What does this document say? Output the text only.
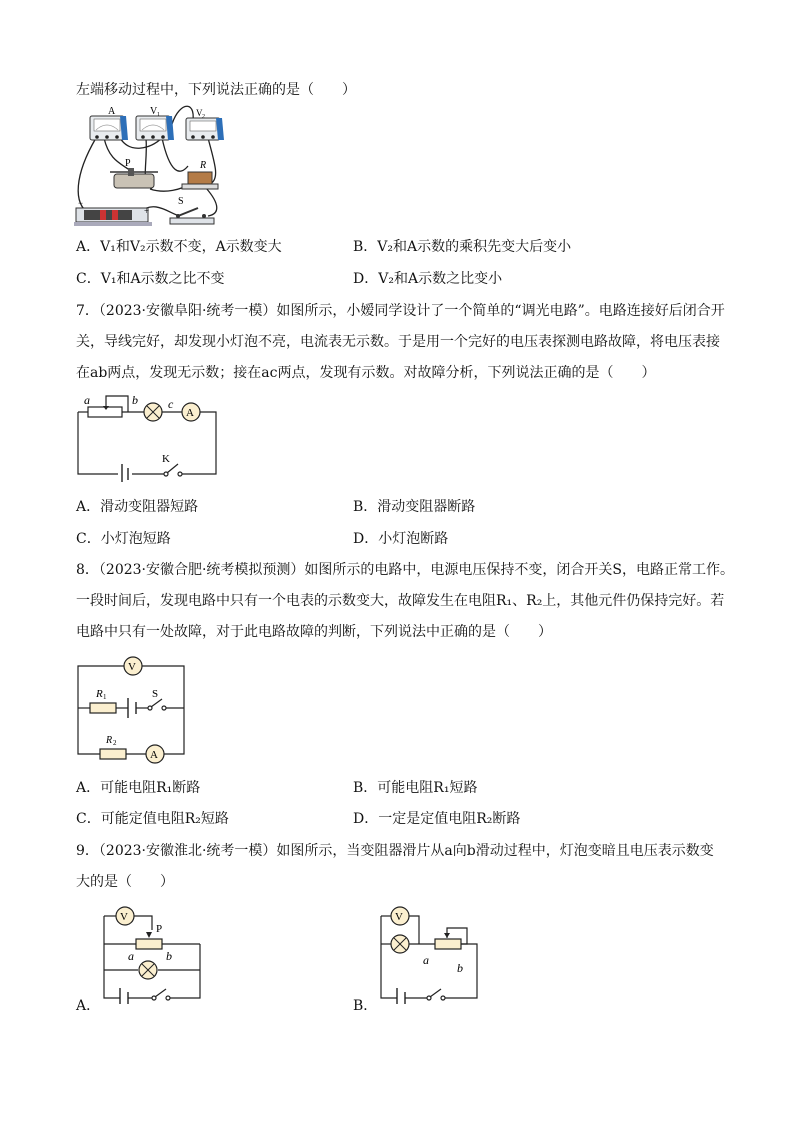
左端移动过程中，下列说法正确的是（　　）
A	V 1	V 2
P	R
+
−	S
A．V₁和V₂示数不变，A示数变大	B．V₂和A示数的乘积先变大后变小
C．V₁和A示数之比不变	D．V₂和A示数之比变小
7．（2023·安徽阜阳·统考一模）如图所示，小嫒同学设计了一个简单的“调光电路”。电路连接好后闭合开
关，导线完好，却发现小灯泡不亮，电流表无示数。于是用一个完好的电压表探测电路故障，将电压表接
在ab两点，发现无示数；接在ac两点，发现有示数。对故障分析，下列说法正确的是（　　）
A
a	b	c
K
A．滑动变阻器短路	B．滑动变阻器断路
C．小灯泡短路	D．小灯泡断路
8．（2023·安徽合肥·统考模拟预测）如图所示的电路中，电源电压保持不变，闭合开关S，电路正常工作。
一段时间后，发现电路中只有一个电表的示数变大，故障发生在电阻R₁、R₂上，其他元件仍保持完好。若
电路中只有一处故障，对于此电路故障的判断，下列说法中正确的是（　　）
V
A
R 1	S
R 2
A．可能电阻R₁断路	B．可能电阻R₁短路
C．可能定值电阻R₂短路	D．一定是定值电阻R₂断路
9．（2023·安徽淮北·统考一模）如图所示，当变阻器滑片从a向b滑动过程中，灯泡变暗且电压表示数变
大的是（　　）
V
P
a	b
A．
V
a
b
B．
